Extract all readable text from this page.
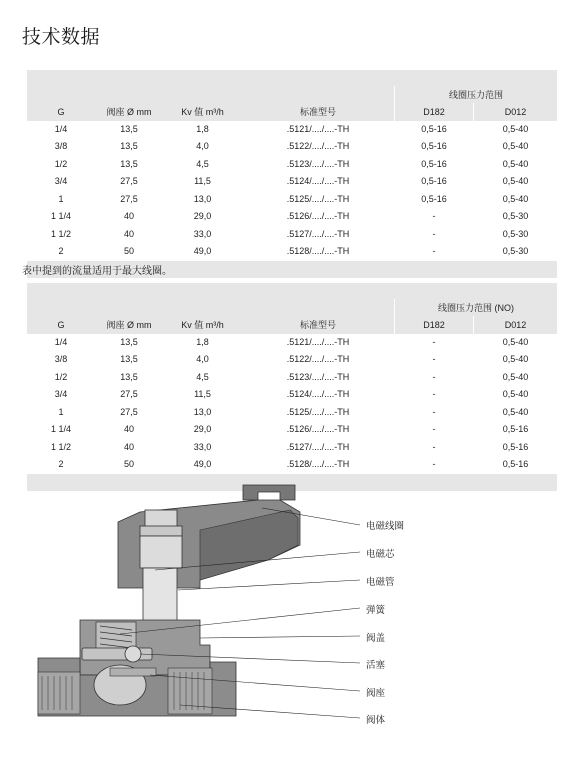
技术数据
线圈压力范围
G	阀座 Ø mm	Kv 值 m³/h	标准型号	D182	D012
1/4	13,5	1,8	.5121/..../....-TH	0,5-16	0,5-40
3/8	13,5	4,0	.5122/..../....-TH	0,5-16	0,5-40
1/2	13,5	4,5	.5123/..../....-TH	0,5-16	0,5-40
3/4	27,5	11,5	.5124/..../....-TH	0,5-16	0,5-40
1	27,5	13,0	.5125/..../....-TH	0,5-16	0,5-40
1 1/4	40	29,0	.5126/..../....-TH	-	0,5-30
1 1/2	40	33,0	.5127/..../....-TH	-	0,5-30
2	50	49,0	.5128/..../....-TH	-	0,5-30
表中提到的流量适用于最大线圈。
线圈压力范围 (NO)
G	阀座 Ø mm	Kv 值 m³/h	标准型号	D182	D012
1/4	13,5	1,8	.5121/..../....-TH	-	0,5-40
3/8	13,5	4,0	.5122/..../....-TH	-	0,5-40
1/2	13,5	4,5	.5123/..../....-TH	-	0,5-40
3/4	27,5	11,5	.5124/..../....-TH	-	0,5-40
1	27,5	13,0	.5125/..../....-TH	-	0,5-40
1 1/4	40	29,0	.5126/..../....-TH	-	0,5-16
1 1/2	40	33,0	.5127/..../....-TH	-	0,5-16
2	50	49,0	.5128/..../....-TH	-	0,5-16
电磁线圈
电磁芯
电磁管
弹簧
阀盖
活塞
阀座
阀体
